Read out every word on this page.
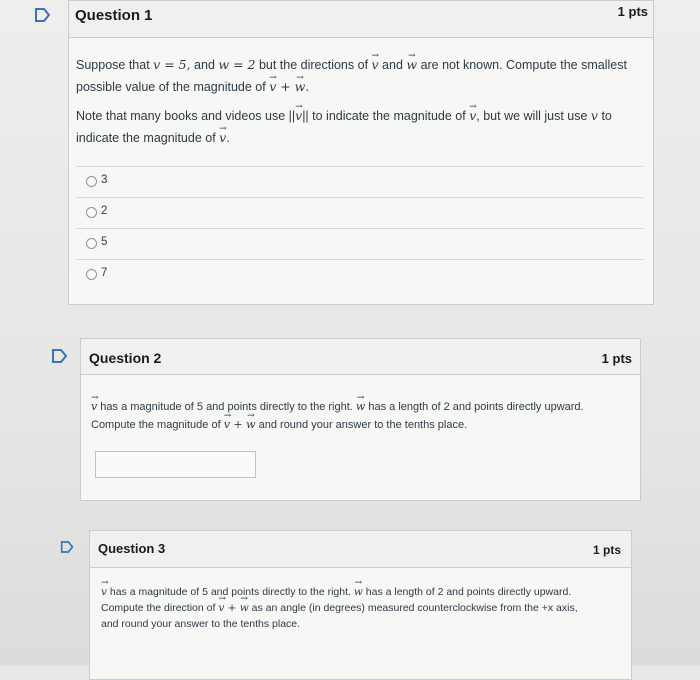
Question 1	1 pts
Suppose that v = 5, and w = 2 but the directions of → v and → w are not known. Compute the smallest possible value of the magnitude of → v + → w.
Note that many books and videos use ||→ v|| to indicate the magnitude of → v, but we will just use v to indicate the magnitude of → v.
3
2
5
7
Question 2	1 pts
→ v has a magnitude of 5 and points directly to the right. → w has a length of 2 and points directly upward.
Compute the magnitude of → v + → w and round your answer to the tenths place.
Question 3	1 pts
→ v has a magnitude of 5 and points directly to the right. → w has a length of 2 and points directly upward.
Compute the direction of → v + → w as an angle (in degrees) measured counterclockwise from the +x axis,
and round your answer to the tenths place.
